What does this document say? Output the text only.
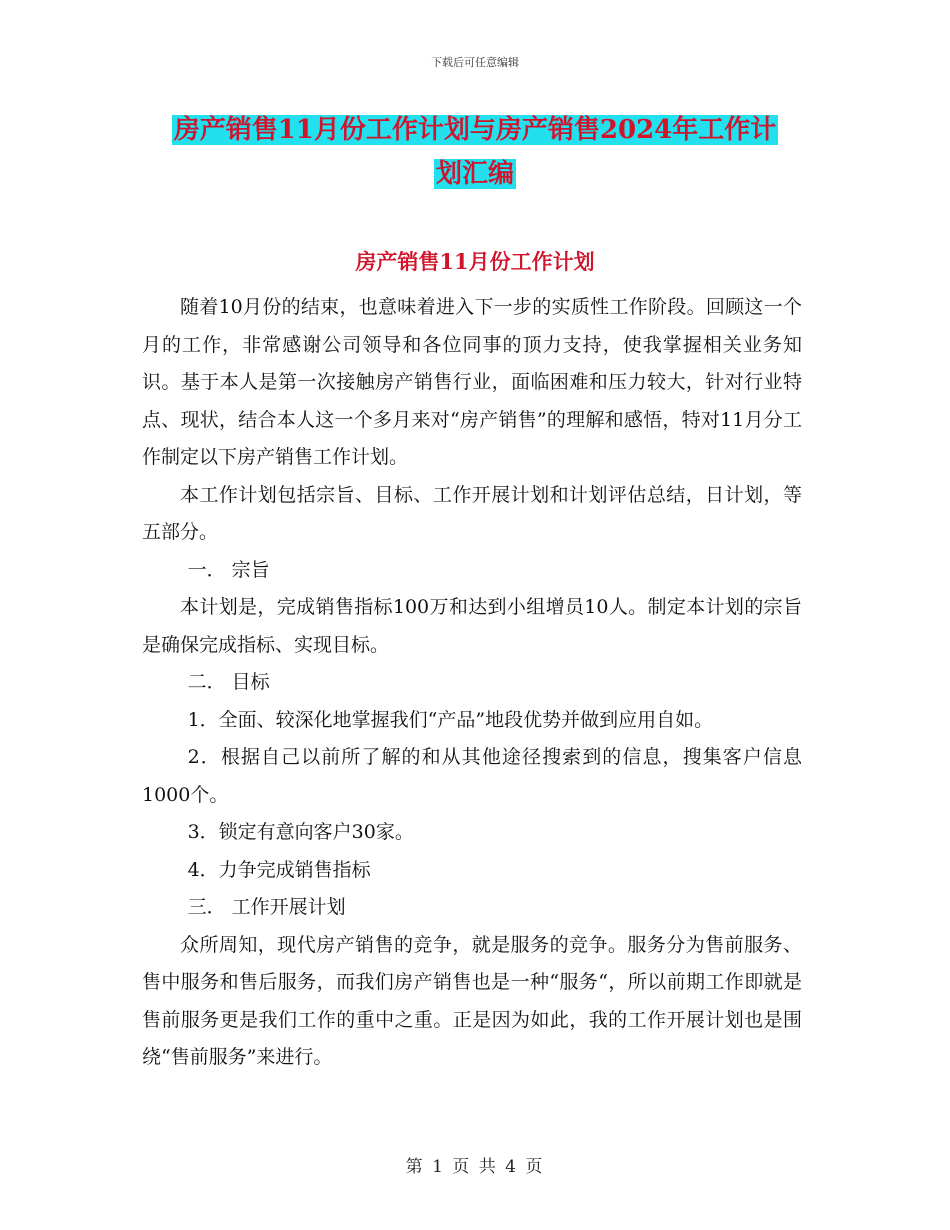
下载后可任意编辑
房产销售11月份工作计划与房产销售2024年工作计
划汇编
房产销售11月份工作计划

随着10月份的结束，也意味着进入下一步的实质性工作阶段。回顾这一个月的工作，非常感谢公司领导和各位同事的顶力支持，使我掌握相关业务知识。基于本人是第一次接触房产销售行业，面临困难和压力较大，针对行业特点、现状，结合本人这一个多月来对“房产销售”的理解和感悟，特对11月分工作制定以下房产销售工作计划。

本工作计划包括宗旨、目标、工作开展计划和计划评估总结，日计划，等五部分。

一． 宗旨

本计划是，完成销售指标100万和达到小组增员10人。制定本计划的宗旨是确保完成指标、实现目标。

二． 目标

1．全面、较深化地掌握我们“产品”地段优势并做到应用自如。

2．根据自己以前所了解的和从其他途径搜索到的信息，搜集客户信息1000个。

3．锁定有意向客户30家。

4．力争完成销售指标

三． 工作开展计划

众所周知，现代房产销售的竞争，就是服务的竞争。服务分为售前服务、售中服务和售后服务，而我们房产销售也是一种“服务“，所以前期工作即就是售前服务更是我们工作的重中之重。正是因为如此，我的工作开展计划也是围绕“售前服务”来进行。

第 1 页 共 4 页
